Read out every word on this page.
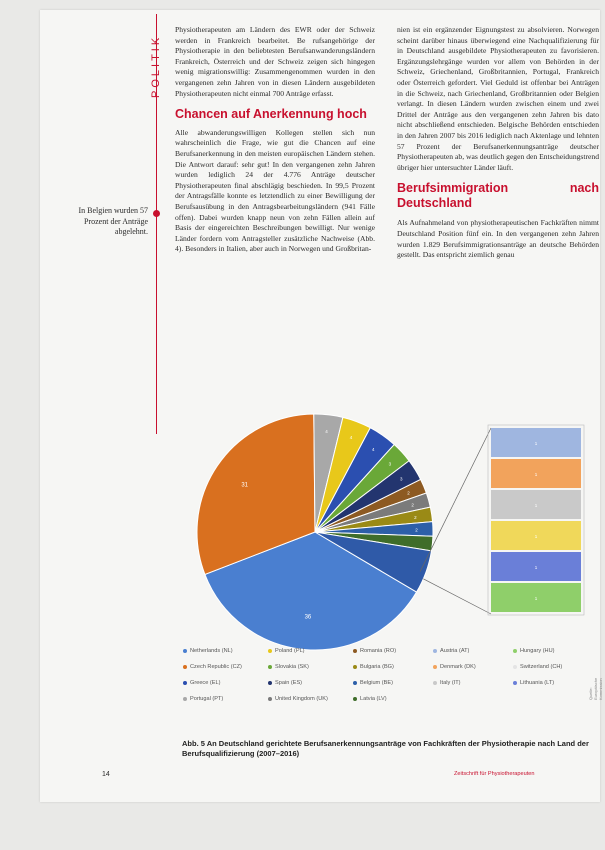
POLITIK
In Belgien wurden 57 Prozent der Anträge abgelehnt.

Physiotherapeuten am Ländern des EWR oder der Schweiz werden in Frankreich bearbeitet. Be rufsangehörige der Physiotherapie in den beliebtesten Berufsanwanderungsländern Frankreich, Österreich und der Schweiz zeigen sich hingegen wenig migrationswillig: Zusammengenommen wurden in den vergangenen zehn Jahren von in diesen Ländern ausgebildeten Physiotherapeuten nicht einmal 700 Anträge erfasst.

Chancen auf Anerkennung hoch

Alle abwanderungswilligen Kollegen stellen sich nun wahrscheinlich die Frage, wie gut die Chancen auf eine Berufsanerkennung in den meisten europäischen Ländern stehen. Die Antwort darauf: sehr gut! In den vergangenen zehn Jahren wurden lediglich 24 der 4.776 Anträge deutscher Physiotherapeuten final abschlägig beschieden. In 99,5 Prozent der Antragsfälle konnte es letztendlich zu einer Bewilligung der Berufsausübung in den Antragsbearbeitungsländern (941 Fälle offen). Dabei wurden knapp neun von zehn Fällen allein auf Basis der eingereichten Beschreibungen bewilligt. Nur wenige Länder fordern vom Antragsteller zusätzliche Nachweise (Abb. 4). Besonders in Italien, aber auch in Norwegen und Großbritan-

nien ist ein ergänzender Eignungstest zu absolvieren. Norwegen scheint darüber hinaus überwiegend eine Nachqualifizierung für in Deutschland ausgebildete Physiotherapeuten zu favorisieren. Ergänzungslehrgänge wurden vor allem von Behörden in der Schweiz, Griechenland, Großbritannien, Portugal, Frankreich oder Österreich gefordert. Viel Geduld ist offenbar bei Anträgen in die Schweiz, nach Griechenland, Großbritannien oder Belgien verlangt. In diesen Ländern wurden zwischen einem und zwei Drittel der Anträge aus den vergangenen zehn Jahren bis dato nicht abschließend entschieden. Belgische Behörden entschieden in den Jahren 2007 bis 2016 lediglich nach Aktenlage und lehnten 57 Prozent der Berufsanerkennungsanträge deutscher Physiotherapeuten ab, was deutlich gegen den Entscheidungstrend übriger hier untersuchter Länder läuft.

Berufsimmigration nach Deutschland

Als Aufnahmeland von physiotherapeutischen Fachkräften nimmt Deutschland Position fünf ein. In den vergangenen zehn Jahren wurden 1.829 Berufsimmigrationsanträge an deutsche Behörden gestellt. Das entspricht ziemlich genau

36
31
4
4
4
3
3
2
2
2
2
1
1
1
1
1
1
Netherlands (NL)	Poland (PL)	Romania (RO)	Austria (AT)	Hungary (HU)
Czech Republic (CZ)	Slovakia (SK)	Bulgaria (BG)	Denmark (DK)	Switzerland (CH)
Greece (EL)	Spain (ES)	Belgium (BE)	Italy (IT)	Lithuania (LT)
Portugal (PT)	United Kingdom (UK)	Latvia (LV)
Abb. 5 An Deutschland gerichtete Berufsanerkennungsanträge von Fachkräften der Physiotherapie nach Land der Berufsqualifizierung (2007–2016)
14	Zeitschrift für Physiotherapeuten
Quelle: Europäische Kommission
